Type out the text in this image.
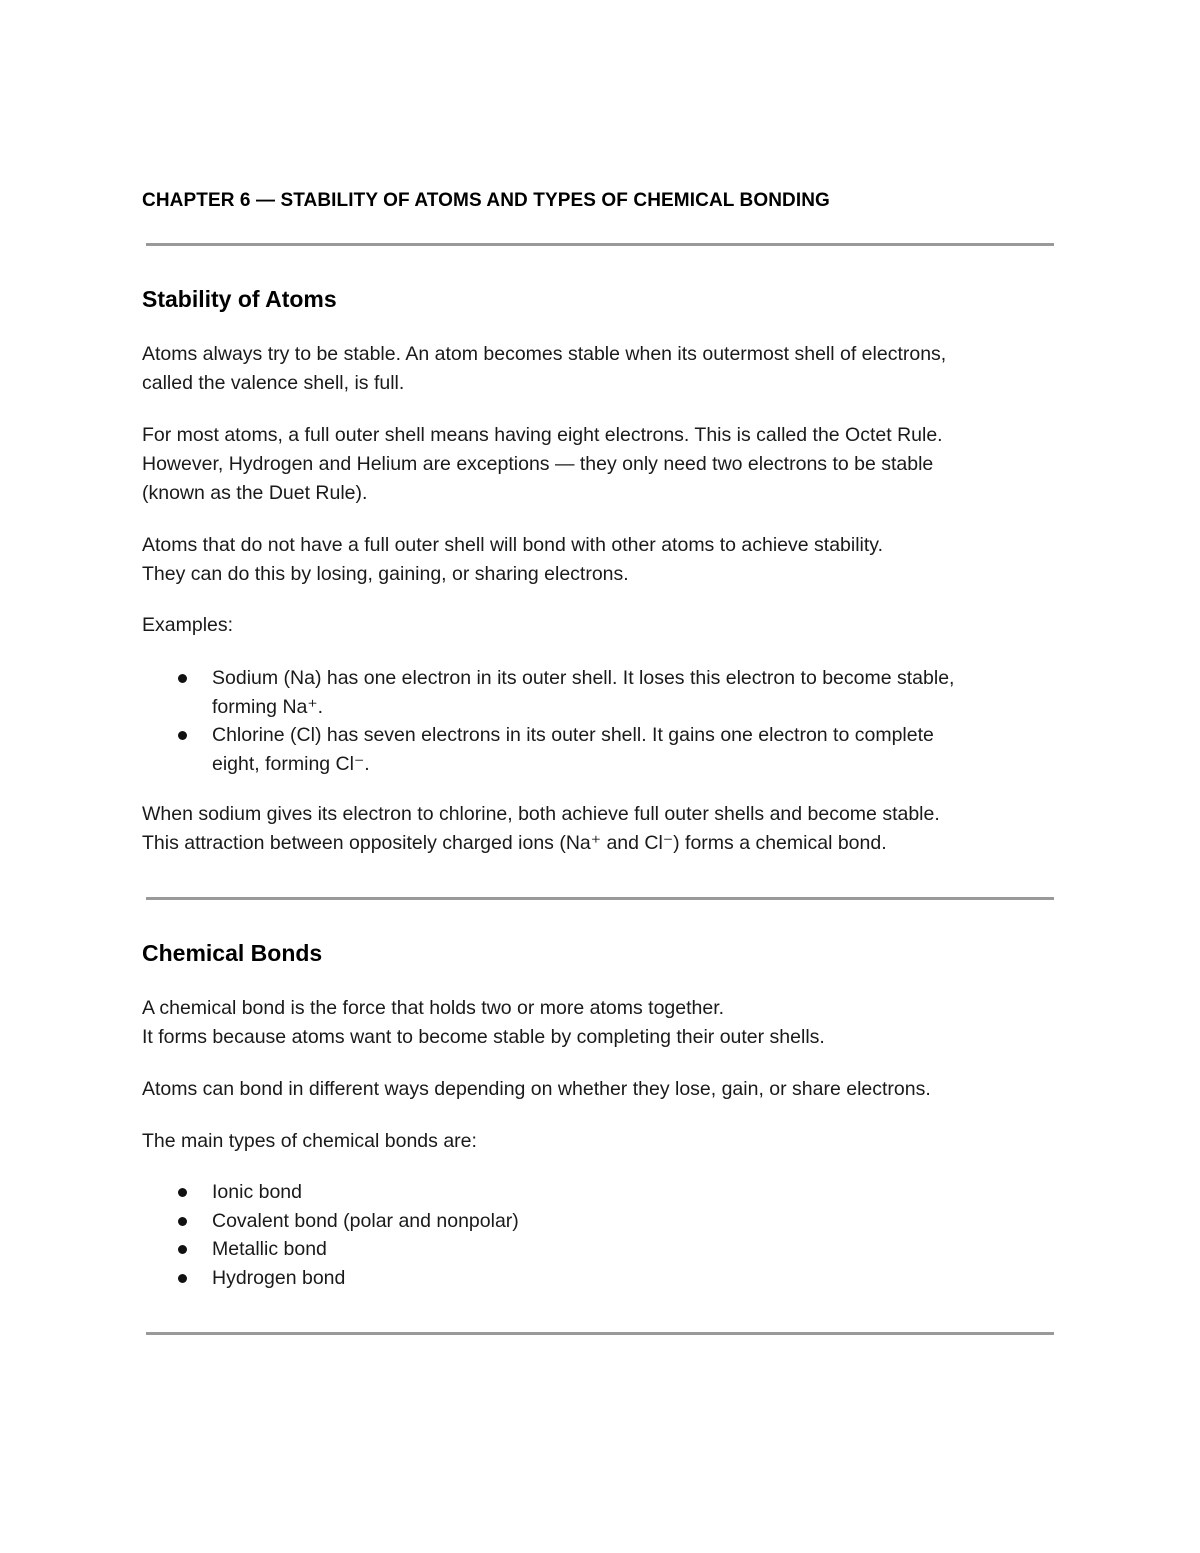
CHAPTER 6 — STABILITY OF ATOMS AND TYPES OF CHEMICAL BONDING
Stability of Atoms
Atoms always try to be stable. An atom becomes stable when its outermost shell of electrons,
called the valence shell, is full.
For most atoms, a full outer shell means having eight electrons. This is called the Octet Rule.
However, Hydrogen and Helium are exceptions — they only need two electrons to be stable
(known as the Duet Rule).
Atoms that do not have a full outer shell will bond with other atoms to achieve stability.
They can do this by losing, gaining, or sharing electrons.
Examples:
Sodium (Na) has one electron in its outer shell. It loses this electron to become stable,
forming Na⁺.
Chlorine (Cl) has seven electrons in its outer shell. It gains one electron to complete
eight, forming Cl⁻.
When sodium gives its electron to chlorine, both achieve full outer shells and become stable.
This attraction between oppositely charged ions (Na⁺ and Cl⁻) forms a chemical bond.
Chemical Bonds
A chemical bond is the force that holds two or more atoms together.
It forms because atoms want to become stable by completing their outer shells.
Atoms can bond in different ways depending on whether they lose, gain, or share electrons.
The main types of chemical bonds are:
Ionic bond
Covalent bond (polar and nonpolar)
Metallic bond
Hydrogen bond
